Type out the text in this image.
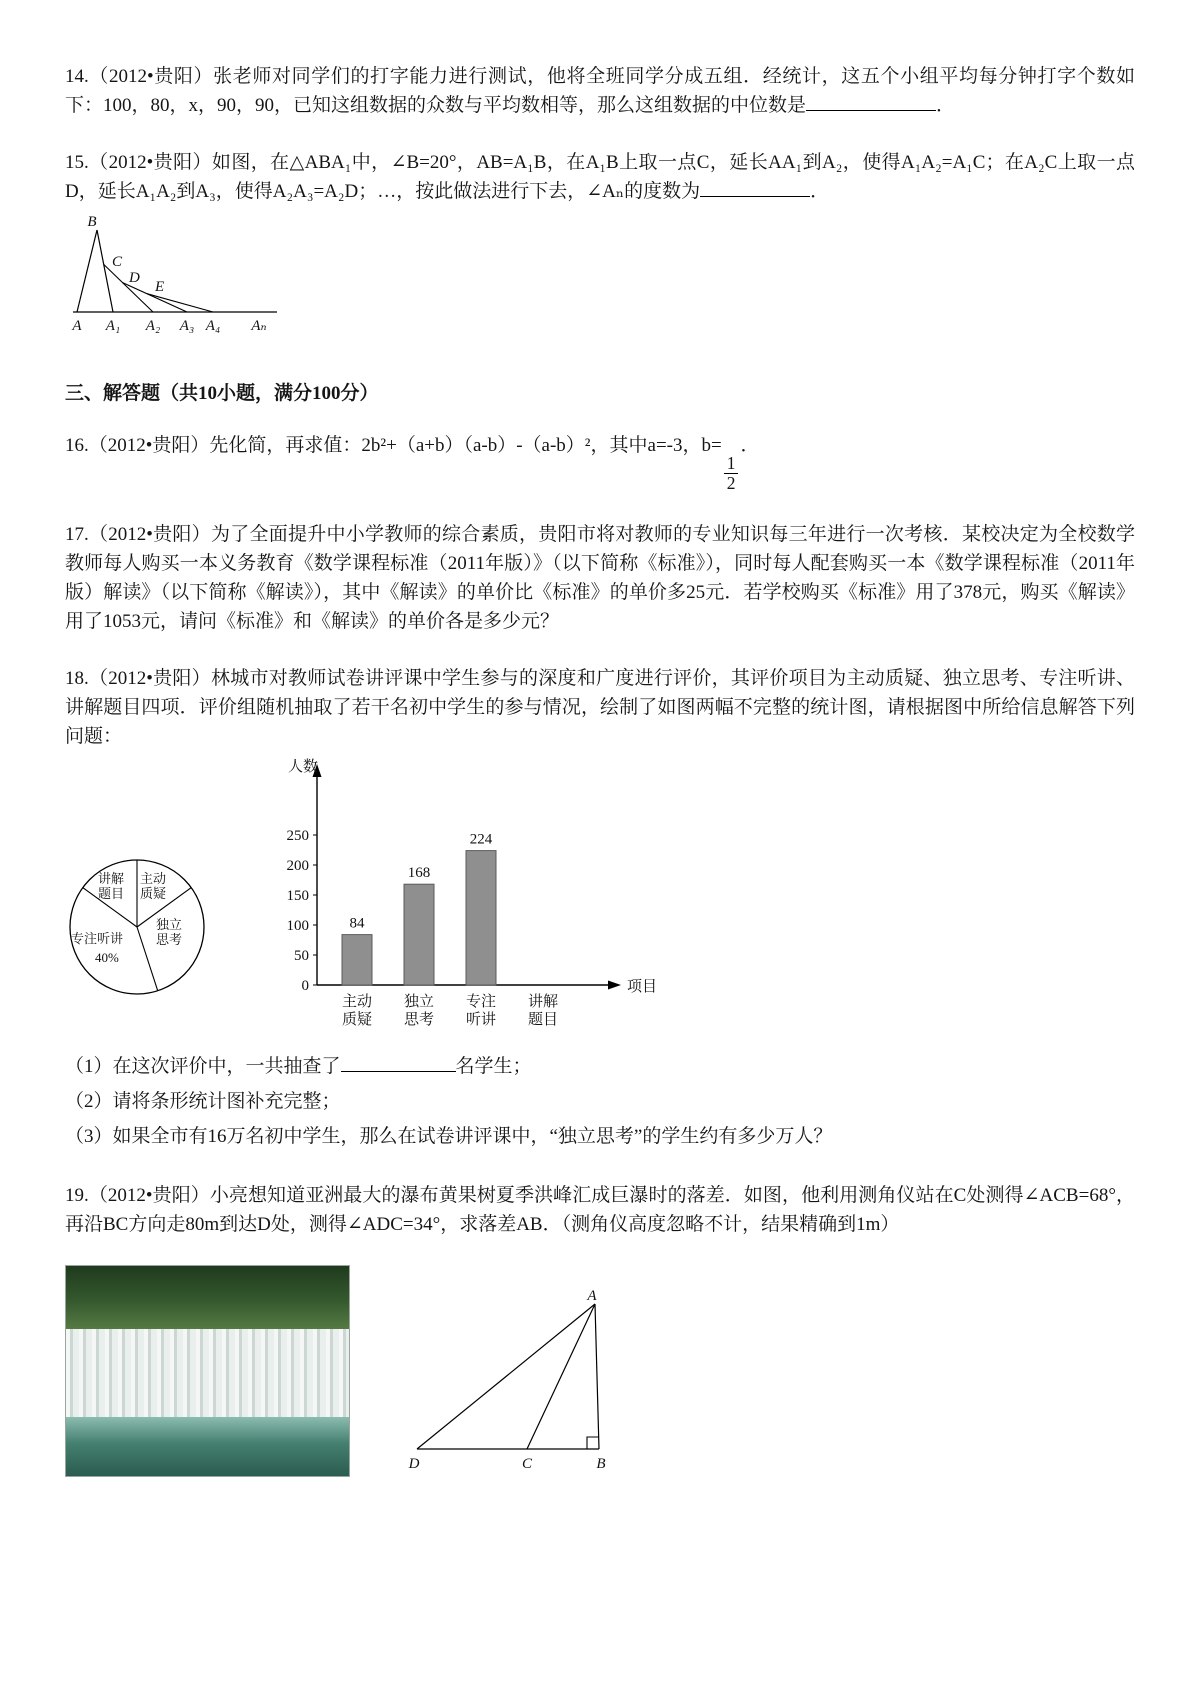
14.（2012•贵阳）张老师对同学们的打字能力进行测试，他将全班同学分成五组．经统计，这五个小组平均每分钟打字个数如下：100，80，x，90，90，已知这组数据的众数与平均数相等，那么这组数据的中位数是	．

15.（2012•贵阳）如图，在△ABA₁中，∠B=20°，AB=A₁B，在A₁B上取一点C，延长AA₁到A₂，使得A₁A₂=A₁C；在A₂C上取一点D，延长A₁A₂到A₃，使得A₂A₃=A₂D；…，按此做法进行下去，∠Aₙ的度数为	．

B
C
D
E
A A₁ A₂ A₃ A₄ Aₙ
三、解答题（共10小题，满分100分）

16.（2012•贵阳）先化简，再求值：2b²+（a+b）（a-b）-（a-b）²，其中a=-3，b=
$\frac{1}{2}$
．

17.（2012•贵阳）为了全面提升中小学教师的综合素质，贵阳市将对教师的专业知识每三年进行一次考核．某校决定为全校数学教师每人购买一本义务教育《数学课程标准（2011年版）》（以下简称《标准》），同时每人配套购买一本《数学课程标准（2011年版）解读》（以下简称《解读》），其中《解读》的单价比《标准》的单价多25元．若学校购买《标准》用了378元，购买《解读》用了1053元，请问《标准》和《解读》的单价各是多少元？

18.（2012•贵阳）林城市对教师试卷讲评课中学生参与的深度和广度进行评价，其评价项目为主动质疑、独立思考、专注听讲、讲解题目四项．评价组随机抽取了若干名初中学生的参与情况，绘制了如图两幅不完整的统计图，请根据图中所给信息解答下列问题：

讲解题目
主动质疑
独立思考
专注听讲
40%
人数
项目
0
50
100
150
200
250
84
主动
质疑
168
独立
思考
224
专注
听讲
讲解
题目

（1）在这次评价中，一共抽查了	名学生；

（2）请将条形统计图补充完整；

（3）如果全市有16万名初中学生，那么在试卷讲评课中，“独立思考”的学生约有多少万人？

19.（2012•贵阳）小亮想知道亚洲最大的瀑布黄果树夏季洪峰汇成巨瀑时的落差．如图，他利用测角仪站在C处测得∠ACB=68°，再沿BC方向走80m到达D处，测得∠ADC=34°，求落差AB．（测角仪高度忽略不计，结果精确到1m）

A
D	C	B
